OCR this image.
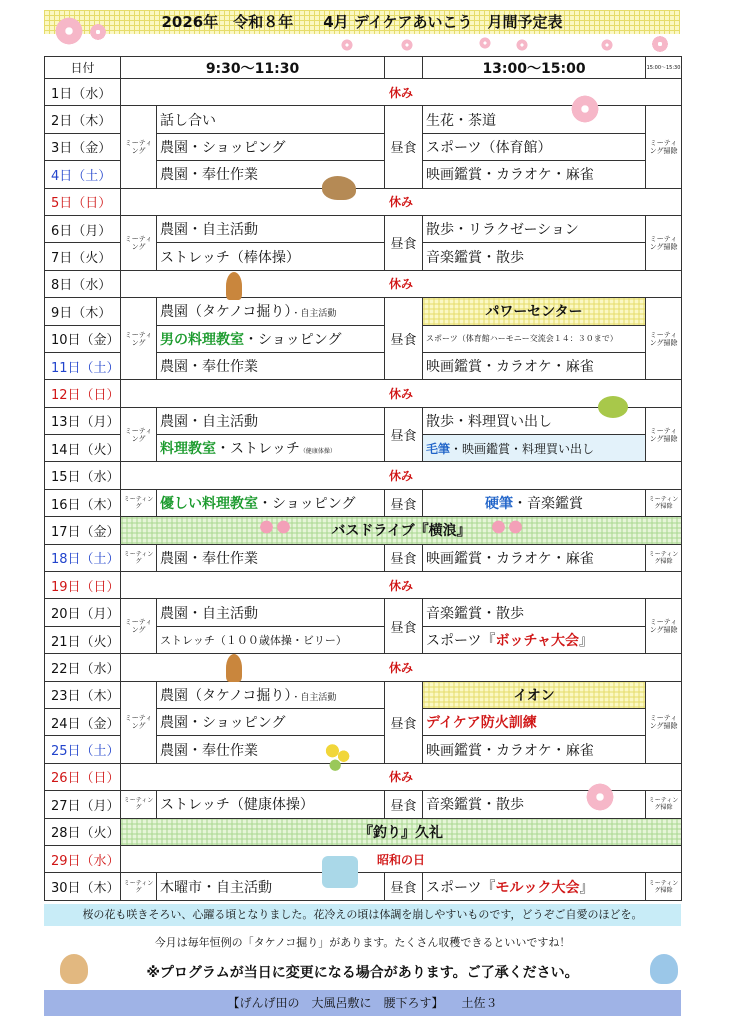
2026年　令和８年　　4月 デイケアあいこう　月間予定表
日付	9:30～11:30			13:00～15:00	15:00～15:30
1日（水）	休み				
2日（木）	ミーティング	話し合い	昼食	生花・茶道	ミーティング掃除
3日（金）		農園・ショッピング		スポーツ（体育館）	
4日（土）		農園・奉仕作業		映画鑑賞・カラオケ・麻雀	
5日（日）	休み				
6日（月）	ミーティング	農園・自主活動	昼食	散歩・リラクゼーション	ミーティング掃除
7日（火）		ストレッチ（棒体操）		音楽鑑賞・散歩	
8日（水）	休み				
9日（木）	ミーティング	農園（タケノコ掘り）・自主活動	昼食	パワーセンター	ミーティング掃除
10日（金）		男の料理教室・ショッピング		スポーツ（体育館ハーモニー交流会１４：３０まで）	
11日（土）		農園・奉仕作業		映画鑑賞・カラオケ・麻雀	
12日（日）	休み				
13日（月）	ミーティング	農園・自主活動	昼食	散歩・料理買い出し	ミーティング掃除
14日（火）		料理教室・ストレッチ（健康体操）		毛筆・映画鑑賞・料理買い出し	
15日（水）	休み				
16日（木）	ミーティング	優しい料理教室・ショッピング	昼食	硬筆・音楽鑑賞	ミーティング掃除
17日（金）	バスドライブ『横浪』				
18日（土）	ミーティング	農園・奉仕作業	昼食	映画鑑賞・カラオケ・麻雀	ミーティング掃除
19日（日）	休み				
20日（月）	ミーティング	農園・自主活動	昼食	音楽鑑賞・散歩	ミーティング掃除
21日（火）		ストレッチ（１００歳体操・ビリー）		スポーツ『ボッチャ大会』	
22日（水）	休み				
23日（木）	ミーティング	農園（タケノコ掘り）・自主活動	昼食	イオン	ミーティング掃除
24日（金）		農園・ショッピング		デイケア防火訓練	
25日（土）		農園・奉仕作業		映画鑑賞・カラオケ・麻雀	
26日（日）	休み				
27日（月）	ミーティング	ストレッチ（健康体操）	昼食	音楽鑑賞・散歩	ミーティング掃除
28日（火）	『釣り』久礼				
29日（水）	昭和の日				
30日（木）	ミーティング	木曜市・自主活動	昼食	スポーツ『モルック大会』	ミーティング掃除
桜の花も咲きそろい、心躍る頃となりました。花冷えの頃は体調を崩しやすいものです，どうぞご自愛のほどを。
今月は毎年恒例の「タケノコ掘り」があります。たくさん収穫できるといいですね！
※プログラムが当日に変更になる場合があります。ご了承ください。
【げんげ田の　大風呂敷に　腰下ろす】　　土佐３
